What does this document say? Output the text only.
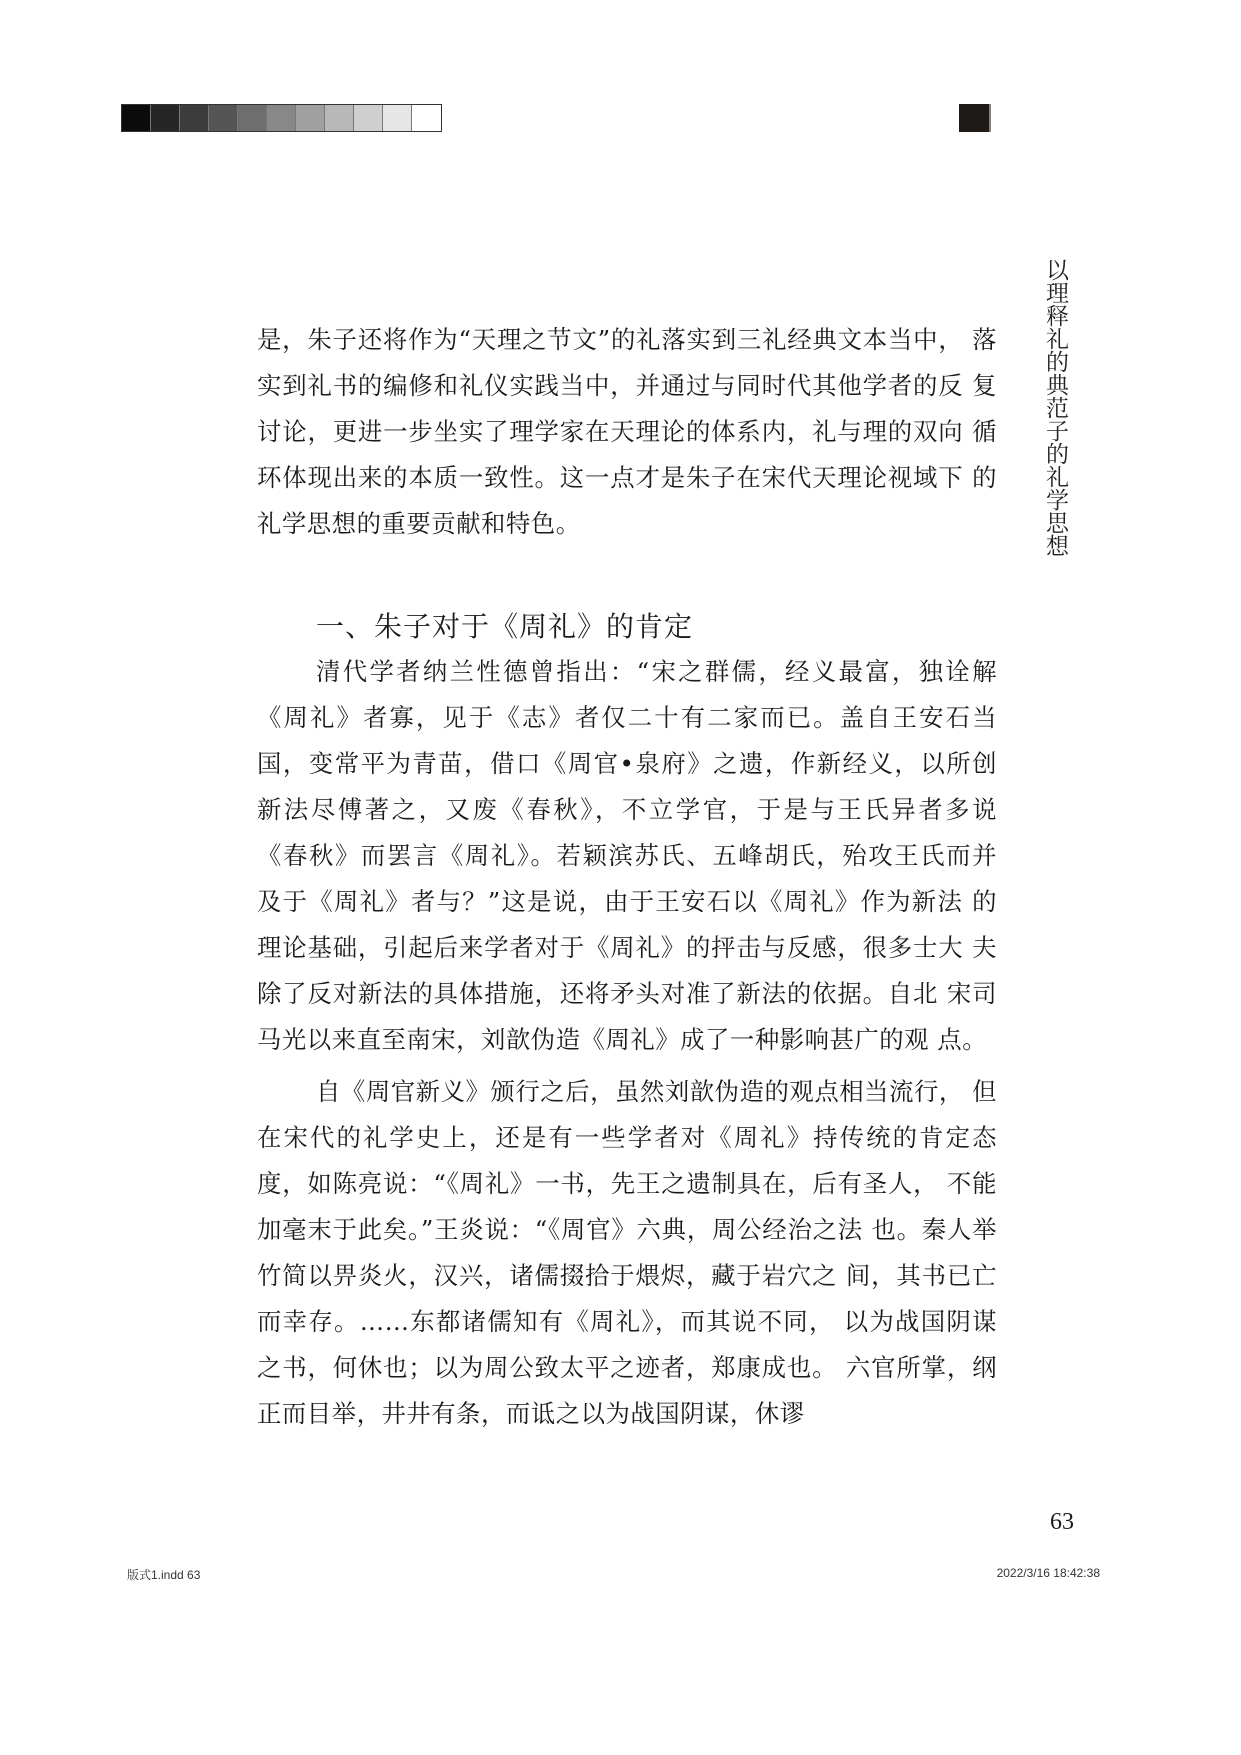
以理释礼的典范子的礼学思想

是，朱子还将作为“天理之节文”的礼落实到三礼经典文本当中， 落实到礼书的编修和礼仪实践当中，并通过与同时代其他学者的反 复讨论，更进一步坐实了理学家在天理论的体系内，礼与理的双向 循环体现出来的本质一致性。这一点才是朱子在宋代天理论视域下 的礼学思想的重要贡献和特色。

一、朱子对于《周礼》的肯定

清代学者纳兰性德曾指出：“宋之群儒，经义最富，独诠解《周礼》者寡，见于《志》者仅二十有二家而已。盖自王安石当 国，变常平为青苗，借口《周官•泉府》之遗，作新经义，以所创 新法尽傅著之，又废《春秋》，不立学官，于是与王氏异者多说 《春秋》而罢言《周礼》。若颖滨苏氏、五峰胡氏，殆攻王氏而并 及于《周礼》者与？”这是说，由于王安石以《周礼》作为新法 的理论基础，引起后来学者对于《周礼》的抨击与反感，很多士大 夫除了反对新法的具体措施，还将矛头对准了新法的依据。自北 宋司马光以来直至南宋，刘歆伪造《周礼》成了一种影响甚广的观 点。

自《周官新义》颁行之后，虽然刘歆伪造的观点相当流行， 但在宋代的礼学史上，还是有一些学者对《周礼》持传统的肯定态 度，如陈亮说：“《周礼》一书，先王之遗制具在，后有圣人， 不能加毫末于此矣。”王炎说：“《周官》六典，周公经治之法 也。秦人举竹简以畀炎火，汉兴，诸儒掇拾于煨烬，藏于岩穴之 间，其书已亡而幸存。……东都诸儒知有《周礼》，而其说不同， 以为战国阴谋之书，何休也；以为周公致太平之迹者，郑康成也。 六官所掌，纲正而目举，井井有条，而诋之以为战国阴谋，休谬

63
版式1.indd 63	2022/3/16 18:42:38
